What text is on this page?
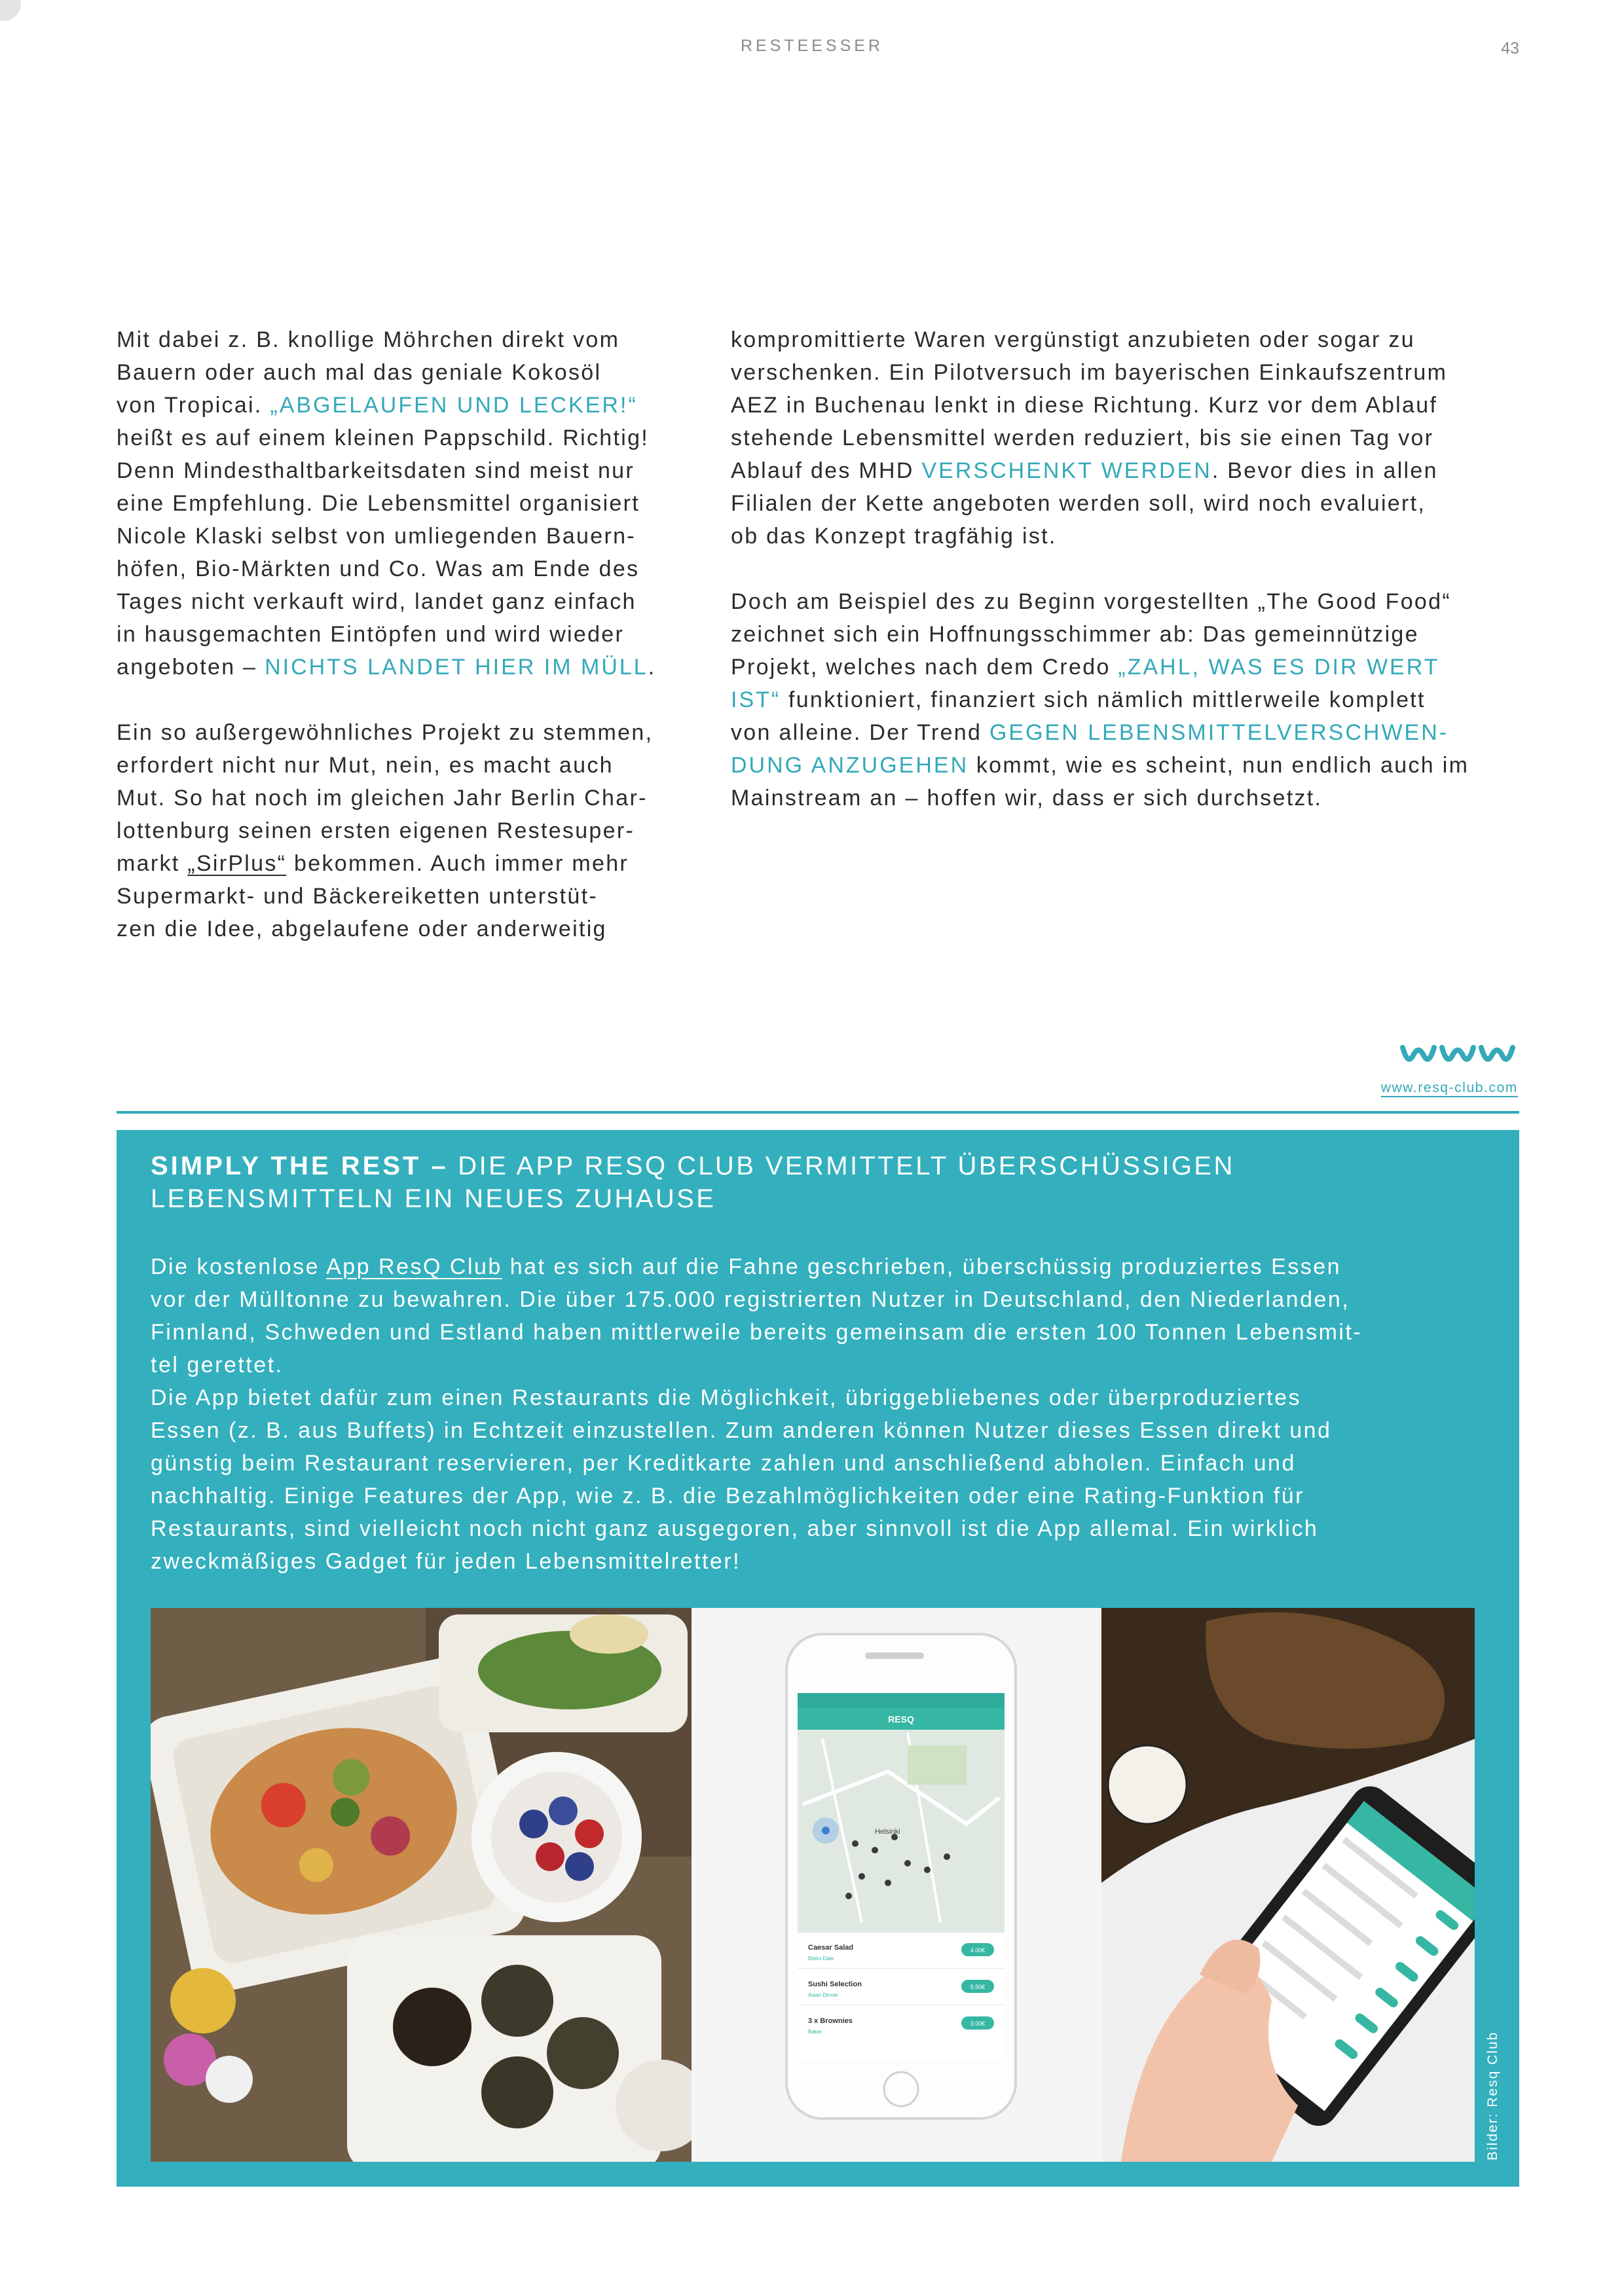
RESTEESSER	43

Mit dabei z. B. knollige Möhrchen direkt vom

Bauern oder auch mal das geniale Kokosöl

von Tropicai. „ABGELAUFEN UND LECKER!“

heißt es auf einem kleinen Pappschild. Richtig!

Denn Mindesthaltbarkeitsdaten sind meist nur

eine Empfehlung. Die Lebensmittel organisiert

Nicole Klaski selbst von umliegenden Bauern-

höfen, Bio-Märkten und Co. Was am Ende des

Tages nicht verkauft wird, landet ganz einfach

in hausgemachten Eintöpfen und wird wieder

angeboten – NICHTS LANDET HIER IM MÜLL.

Ein so außergewöhnliches Projekt zu stemmen,

erfordert nicht nur Mut, nein, es macht auch

Mut. So hat noch im gleichen Jahr Berlin Char-

lottenburg seinen ersten eigenen Restesuper-

markt „SirPlus“ bekommen. Auch immer mehr

Supermarkt- und Bäckereiketten unterstüt-

zen die Idee, abgelaufene oder anderweitig

kompromittierte Waren vergünstigt anzubieten oder sogar zu

verschenken. Ein Pilotversuch im bayerischen Einkaufszentrum

AEZ in Buchenau lenkt in diese Richtung. Kurz vor dem Ablauf

stehende Lebensmittel werden reduziert, bis sie einen Tag vor

Ablauf des MHD VERSCHENKT WERDEN. Bevor dies in allen

Filialen der Kette angeboten werden soll, wird noch evaluiert,

ob das Konzept tragfähig ist.

Doch am Beispiel des zu Beginn vorgestellten „The Good Food“

zeichnet sich ein Hoffnungsschimmer ab: Das gemeinnützige

Projekt, welches nach dem Credo „ZAHL, WAS ES DIR WERT

IST“ funktioniert, finanziert sich nämlich mittlerweile komplett

von alleine. Der Trend GEGEN LEBENSMITTELVERSCHWEN-

DUNG ANZUGEHEN kommt, wie es scheint, nun endlich auch im

Mainstream an – hoffen wir, dass er sich durchsetzt.

www.resq-club.com

SIMPLY THE REST – DIE APP RESQ CLUB VERMITTELT ÜBERSCHÜSSIGEN

LEBENSMITTELN EIN NEUES ZUHAUSE

Die kostenlose App ResQ Club hat es sich auf die Fahne geschrieben, überschüssig produziertes Essen

vor der Mülltonne zu bewahren. Die über 175.000 registrierten Nutzer in Deutschland, den Niederlanden,

Finnland, Schweden und Estland haben mittlerweile bereits gemeinsam die ersten 100 Tonnen Lebensmit-

tel gerettet.

Die App bietet dafür zum einen Restaurants die Möglichkeit, übriggebliebenes oder überproduziertes

Essen (z. B. aus Buffets) in Echtzeit einzustellen. Zum anderen können Nutzer dieses Essen direkt und

günstig beim Restaurant reservieren, per Kreditkarte zahlen und anschließend abholen. Einfach und

nachhaltig. Einige Features der App, wie z. B. die Bezahlmöglichkeiten oder eine Rating-Funktion für

Restaurants, sind vielleicht noch nicht ganz ausgegoren, aber sinnvoll ist die App allemal. Ein wirklich

zweckmäßiges Gadget für jeden Lebensmittelretter!

Caesar Salad
Bistro Dale
4.00€
Sushi Selection
Asian Dinner
5.50€
3 x Brownies
Baker
3.00€
RESQ
Helsinki
Bilder: Resq Club
